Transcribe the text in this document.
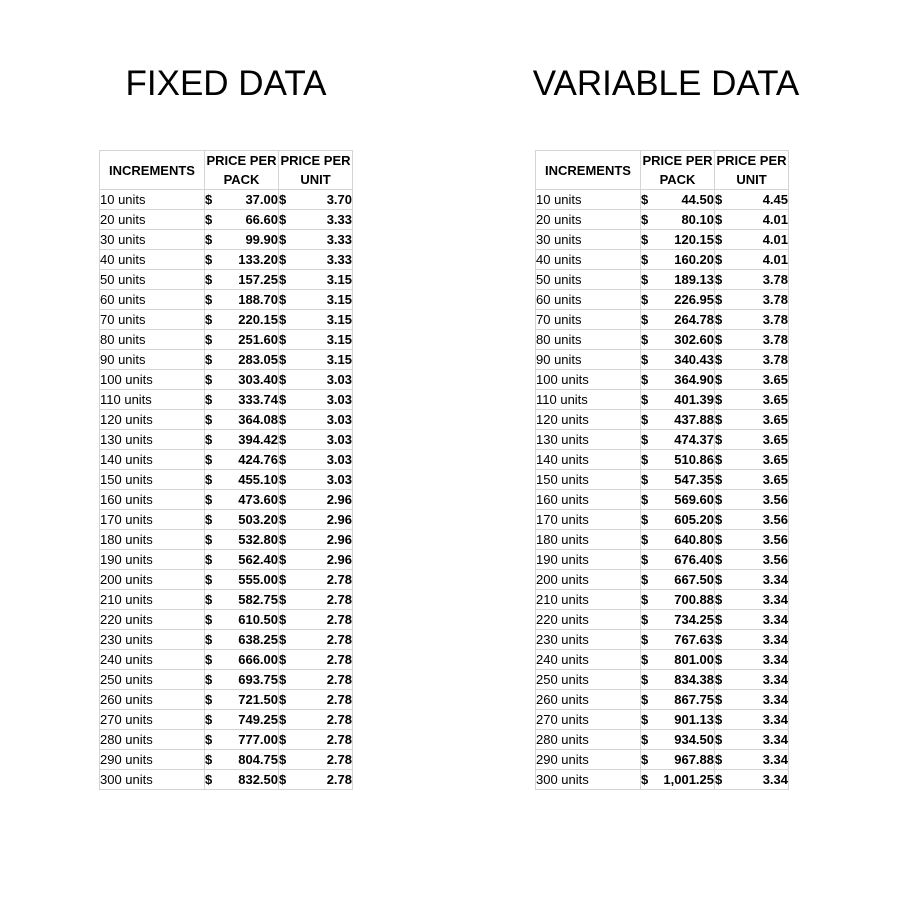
FIXED DATA	VARIABLE DATA
INCREMENTS	PRICE PER PACK	PRICE PER UNIT
10 units	$ 37.00	$ 3.70

20 units	$ 66.60	$ 3.33

30 units	$ 99.90	$ 3.33

40 units	$ 133.20	$ 3.33

50 units	$ 157.25	$ 3.15

60 units	$ 188.70	$ 3.15

70 units	$ 220.15	$ 3.15

80 units	$ 251.60	$ 3.15

90 units	$ 283.05	$ 3.15

100 units	$ 303.40	$ 3.03

110 units	$ 333.74	$ 3.03

120 units	$ 364.08	$ 3.03

130 units	$ 394.42	$ 3.03

140 units	$ 424.76	$ 3.03

150 units	$ 455.10	$ 3.03

160 units	$ 473.60	$ 2.96

170 units	$ 503.20	$ 2.96

180 units	$ 532.80	$ 2.96

190 units	$ 562.40	$ 2.96

200 units	$ 555.00	$ 2.78

210 units	$ 582.75	$ 2.78

220 units	$ 610.50	$ 2.78

230 units	$ 638.25	$ 2.78

240 units	$ 666.00	$ 2.78

250 units	$ 693.75	$ 2.78

260 units	$ 721.50	$ 2.78

270 units	$ 749.25	$ 2.78

280 units	$ 777.00	$ 2.78

290 units	$ 804.75	$ 2.78

300 units	$ 832.50	$ 2.78
INCREMENTS	PRICE PER PACK	PRICE PER UNIT
10 units	$ 44.50	$ 4.45

20 units	$ 80.10	$ 4.01

30 units	$ 120.15	$ 4.01

40 units	$ 160.20	$ 4.01

50 units	$ 189.13	$ 3.78

60 units	$ 226.95	$ 3.78

70 units	$ 264.78	$ 3.78

80 units	$ 302.60	$ 3.78

90 units	$ 340.43	$ 3.78

100 units	$ 364.90	$ 3.65

110 units	$ 401.39	$ 3.65

120 units	$ 437.88	$ 3.65

130 units	$ 474.37	$ 3.65

140 units	$ 510.86	$ 3.65

150 units	$ 547.35	$ 3.65

160 units	$ 569.60	$ 3.56

170 units	$ 605.20	$ 3.56

180 units	$ 640.80	$ 3.56

190 units	$ 676.40	$ 3.56

200 units	$ 667.50	$ 3.34

210 units	$ 700.88	$ 3.34

220 units	$ 734.25	$ 3.34

230 units	$ 767.63	$ 3.34

240 units	$ 801.00	$ 3.34

250 units	$ 834.38	$ 3.34

260 units	$ 867.75	$ 3.34

270 units	$ 901.13	$ 3.34

280 units	$ 934.50	$ 3.34

290 units	$ 967.88	$ 3.34

300 units	$ 1,001.25	$ 3.34
